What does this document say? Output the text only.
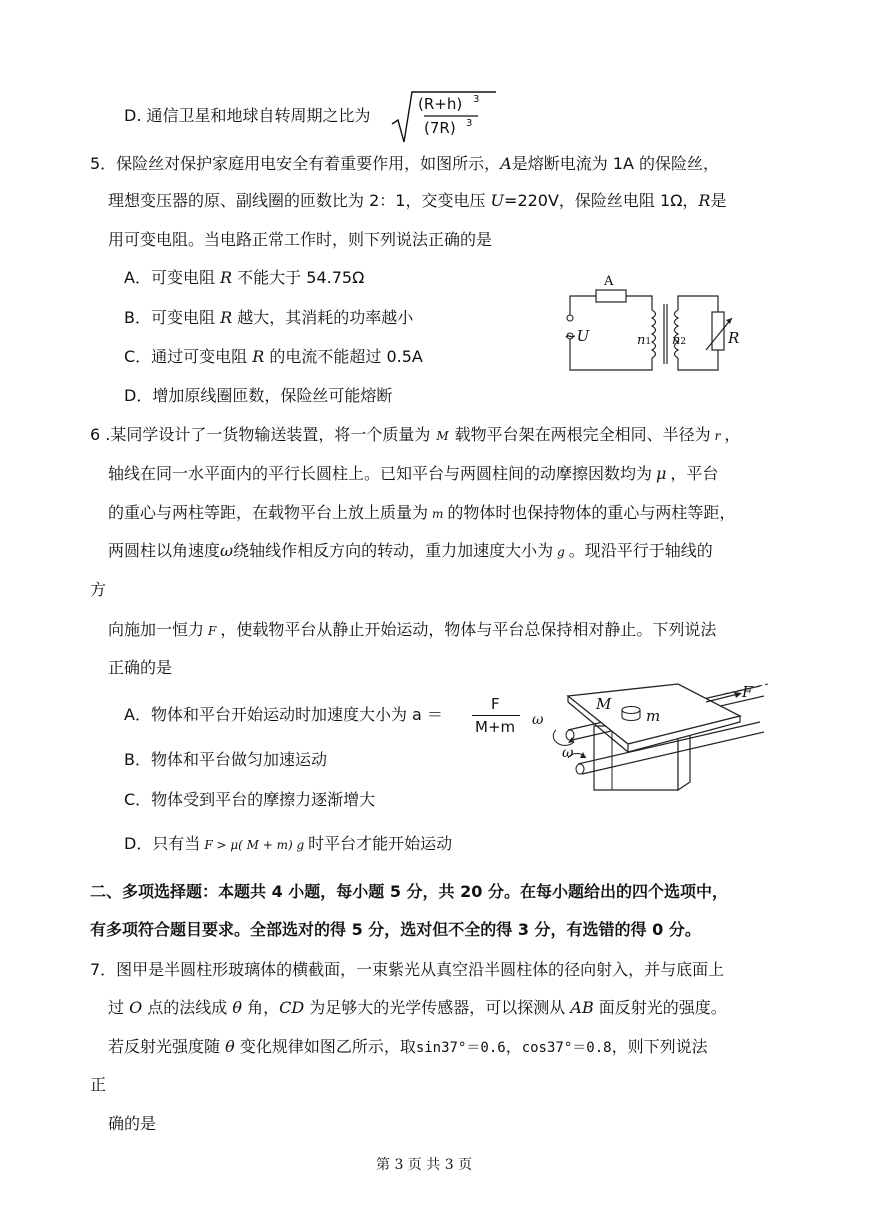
D. 通信卫星和地球自转周期之比为
(R+h) 3
(7R) 3
5．保险丝对保护家庭用电安全有着重要作用，如图所示，A是熔断电流为 1A 的保险丝，
理想变压器的原、副线圈的匝数比为 2：1，交变电压 U=220V，保险丝电阻 1Ω，R是
用可变电阻。当电路正常工作时，则下列说法正确的是
A．可变电阻 R 不能大于 54.75Ω
B．可变电阻 R 越大，其消耗的功率越小
C．通过可变电阻 R 的电流不能超过 0.5A
D．增加原线圈匝数，保险丝可能熔断
A
~U	n1 n2	R
6 .某同学设计了一货物输送装置，将一个质量为 M 载物平台架在两根完全相同、半径为 r ，
轴线在同一水平面内的平行长圆柱上。已知平台与两圆柱间的动摩擦因数均为 μ ，平台
的重心与两柱等距，在载物平台上放上质量为 m 的物体时也保持物体的重心与两柱等距，
两圆柱以角速度ω绕轴线作相反方向的转动，重力加速度大小为 g 。现沿平行于轴线的
方
向施加一恒力 F ，使载物平台从静止开始运动，物体与平台总保持相对静止。下列说法
正确的是
A．物体和平台开始运动时加速度大小为 a ＝
F
M+m
B．物体和平台做匀加速运动
C．物体受到平台的摩擦力逐渐增大
D．只有当 F > μ( M + m) g 时平台才能开始运动
M
m
F
ω
ω
二、多项选择题：本题共 4 小题，每小题 5 分，共 20 分。在每小题给出的四个选项中，
有多项符合题目要求。全部选对的得 5 分，选对但不全的得 3 分，有选错的得 0 分。
7．图甲是半圆柱形玻璃体的横截面，一束紫光从真空沿半圆柱体的径向射入，并与底面上
过 O 点的法线成 θ 角，CD 为足够大的光学传感器，可以探测从 AB 面反射光的强度。
若反射光强度随 θ 变化规律如图乙所示，取sin37°＝0.6，cos37°＝0.8，则下列说法
正
确的是
第 3 页 共 3 页
